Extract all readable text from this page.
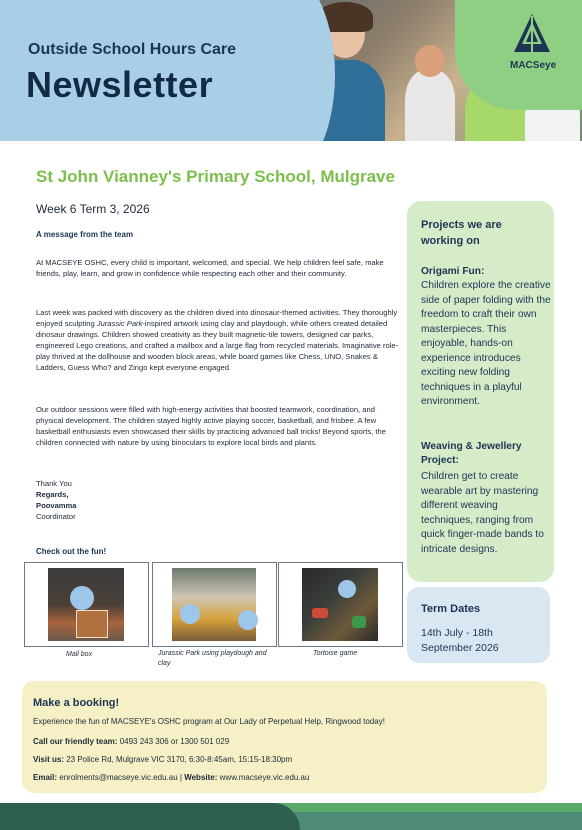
Outside School Hours Care
Newsletter	MACSeye
St John Vianney's Primary School, Mulgrave
Week 6 Term 3, 2026
A message from the team
At MACSEYE OSHC, every child is important, welcomed, and special. We help children feel safe, make friends, play, learn, and grow in confidence while respecting each other and their community.
Last week was packed with discovery as the children dived into dinosaur-themed activities. They thoroughly enjoyed sculpting Jurassic Park-inspired artwork using clay and playdough, while others created detailed dinosaur drawings. Children showed creativity as they built magnetic-tile towers, designed car parks, engineered Lego creations, and crafted a mailbox and a large flag from recycled materials. Imaginative role-play thrived at the dollhouse and wooden block areas, while board games like Chess, UNO, Snakes & Ladders, Guess Who? and Zingo kept everyone engaged.
Our outdoor sessions were filled with high-energy activities that boosted teamwork, coordination, and physical development. The children stayed highly active playing soccer, basketball, and frisbee. A few basketball enthusiasts even showcased their skills by practicing advanced ball tricks! Beyond sports, the children connected with nature by using binoculars to explore local birds and plants.
Thank You
Regards,
Poovamma
Coordinator
Check out the fun!
Mail box	Jurassic Park using playdough and clay
Tortoise game
Projects we are working on
Origami Fun:
Children explore the creative side of paper folding with the freedom to craft their own masterpieces. This enjoyable, hands-on experience introduces exciting new folding techniques in a playful environment.
Weaving & Jewellery Project:
Children get to create wearable art by mastering different weaving techniques, ranging from quick finger-made bands to intricate designs.
Term Dates
14th July - 18th September 2026
Make a booking!
Experience the fun of MACSEYE's OSHC program at Our Lady of Perpetual Help, Ringwood today!
Call our friendly team: 0493 243 306 or 1300 501 029
Visit us: 23 Police Rd, Mulgrave VIC 3170, 6:30-8:45am, 15:15-18:30pm
Email: enrolments@macseye.vic.edu.au | Website: www.macseye.vic.edu.au
